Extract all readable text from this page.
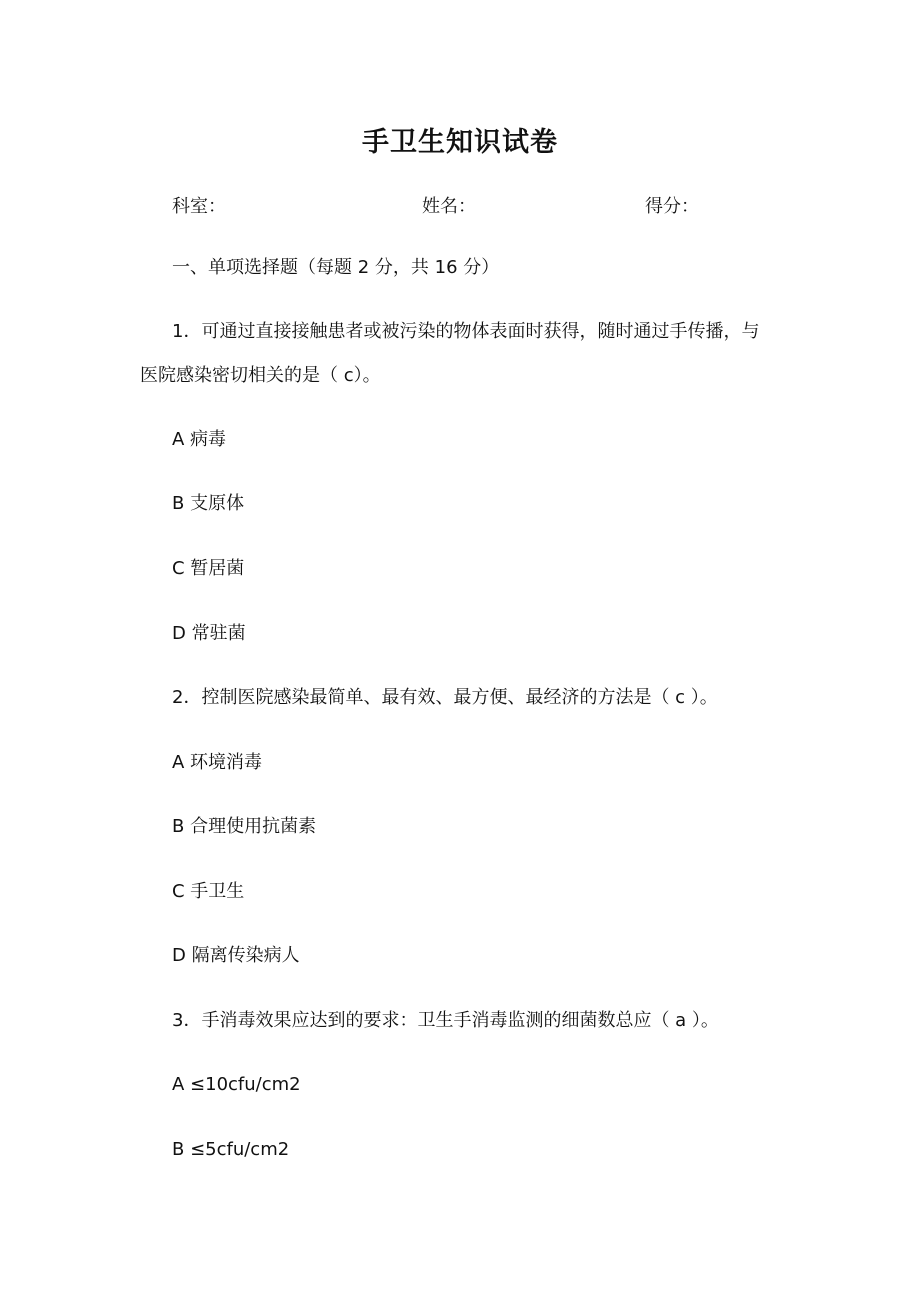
手卫生知识试卷
科室：	姓名：	得分：
一、单项选择题（每题 2 分，共 16 分）
1．可通过直接接触患者或被污染的物体表面时获得，随时通过手传播，与
医院感染密切相关的是（ c）。
A 病毒
B 支原体
C 暂居菌
D 常驻菌
2．控制医院感染最简单、最有效、最方便、最经济的方法是（ c ）。
A 环境消毒
B 合理使用抗菌素
C 手卫生
D 隔离传染病人
3．手消毒效果应达到的要求：卫生手消毒监测的细菌数总应（ a ）。
A ≤10cfu/cm2
B ≤5cfu/cm2
